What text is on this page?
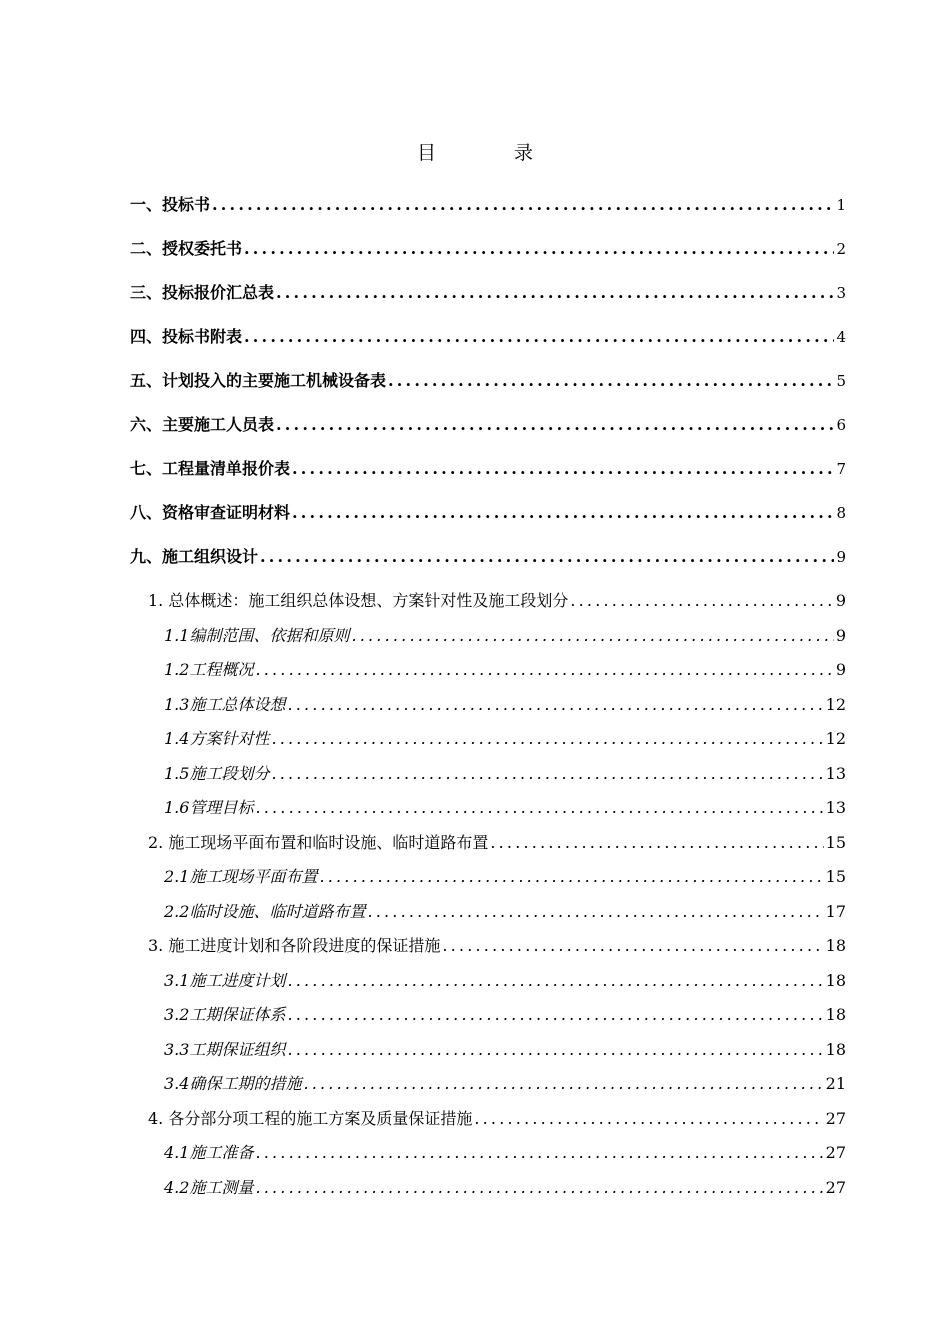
目 录
一、投标书 .....	1
二、授权委托书 .....	2
三、投标报价汇总表 .....	3
四、投标书附表 .....	4
五、计划投入的主要施工机械设备表 .....	5
六、主要施工人员表 .....	6
七、工程量清单报价表 .....	7
八、资格审查证明材料 .....	8
九、施工组织设计 .....	9
1. 总体概述：施工组织总体设想、方案针对性及施工段划分 .....	9
1.1编制范围、依据和原则 .....	9
1.2工程概况 .....	9
1.3施工总体设想 .....	12
1.4方案针对性 .....	12
1.5施工段划分 .....	13
1.6管理目标 .....	13
2. 施工现场平面布置和临时设施、临时道路布置 .....	15
2.1施工现场平面布置 .....	15
2.2临时设施、临时道路布置 .....	17
3. 施工进度计划和各阶段进度的保证措施 .....	18
3.1施工进度计划 .....	18
3.2工期保证体系 .....	18
3.3工期保证组织 .....	18
3.4确保工期的措施 .....	21
4. 各分部分项工程的施工方案及质量保证措施 .....	27
4.1施工准备 .....	27
4.2施工测量 .....	27
